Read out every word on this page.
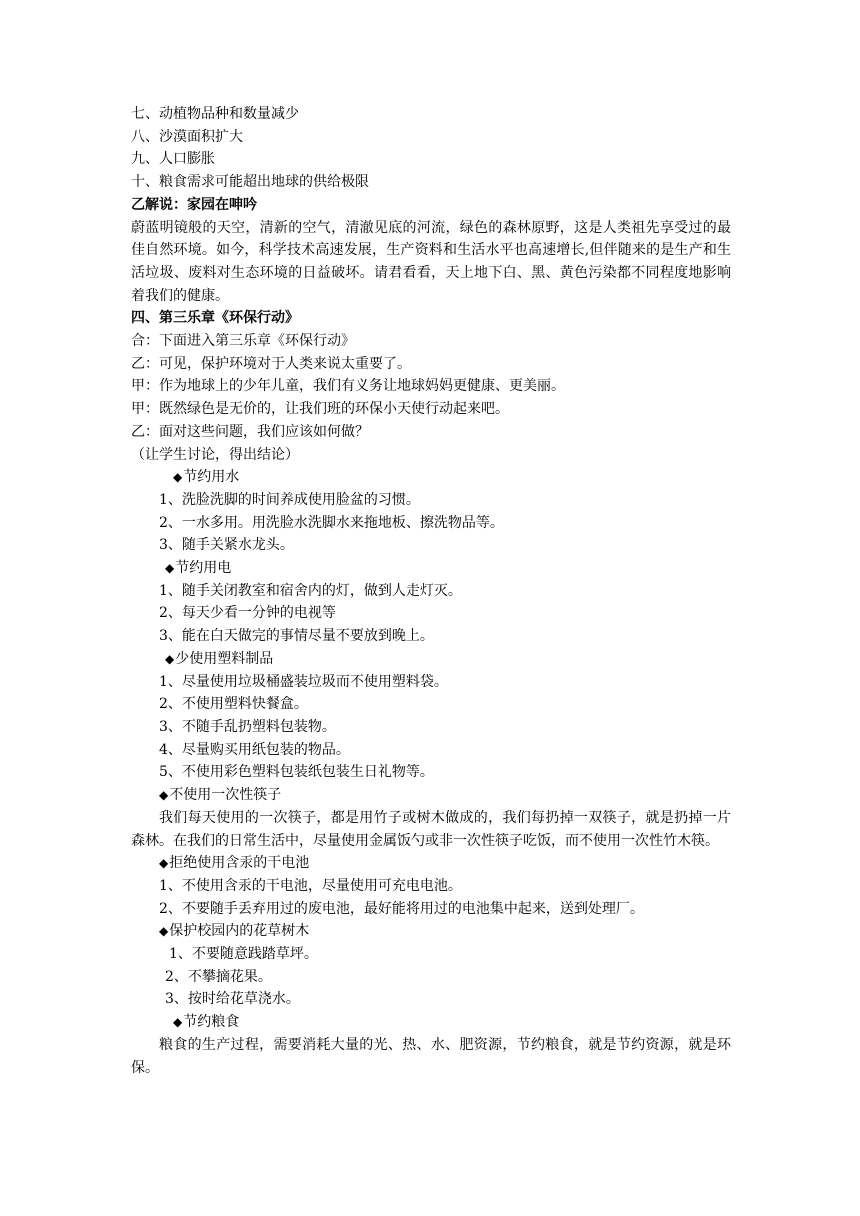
七、动植物品种和数量减少

八、沙漠面积扩大

九、人口膨胀

十、粮食需求可能超出地球的供给极限

乙解说：家园在呻吟

蔚蓝明镜般的天空，清新的空气，清澈见底的河流，绿色的森林原野，这是人类祖先享受过的最佳自然环境。如今，科学技术高速发展，生产资料和生活水平也高速增长,但伴随来的是生产和生活垃圾、废料对生态环境的日益破坏。请君看看，天上地下白、黑、黄色污染都不同程度地影响着我们的健康。

四、第三乐章《环保行动》

合：下面进入第三乐章《环保行动》

乙：可见，保护环境对于人类来说太重要了。

甲：作为地球上的少年儿童，我们有义务让地球妈妈更健康、更美丽。

甲：既然绿色是无价的，让我们班的环保小天使行动起来吧。

乙：面对这些问题，我们应该如何做？

（让学生讨论，得出结论）

◆节约用水

1、洗脸洗脚的时间养成使用脸盆的习惯。

2、一水多用。用洗脸水洗脚水来拖地板、擦洗物品等。

3、随手关紧水龙头。

◆节约用电

1、随手关闭教室和宿舍内的灯，做到人走灯灭。

2、每天少看一分钟的电视等

3、能在白天做完的事情尽量不要放到晚上。

◆少使用塑料制品

1、尽量使用垃圾桶盛装垃圾而不使用塑料袋。

2、不使用塑料快餐盒。

3、不随手乱扔塑料包装物。

4、尽量购买用纸包装的物品。

5、不使用彩色塑料包装纸包装生日礼物等。

◆不使用一次性筷子

我们每天使用的一次筷子，都是用竹子或树木做成的，我们每扔掉一双筷子，就是扔掉一片森林。在我们的日常生活中，尽量使用金属饭勺或非一次性筷子吃饭，而不使用一次性竹木筷。

◆拒绝使用含汞的干电池

1、不使用含汞的干电池，尽量使用可充电电池。

2、不要随手丢弃用过的废电池，最好能将用过的电池集中起来，送到处理厂。

◆保护校园内的花草树木

1、不要随意践踏草坪。

2、不攀摘花果。

3、按时给花草浇水。

◆节约粮食

粮食的生产过程，需要消耗大量的光、热、水、肥资源，节约粮食，就是节约资源，就是环保。
